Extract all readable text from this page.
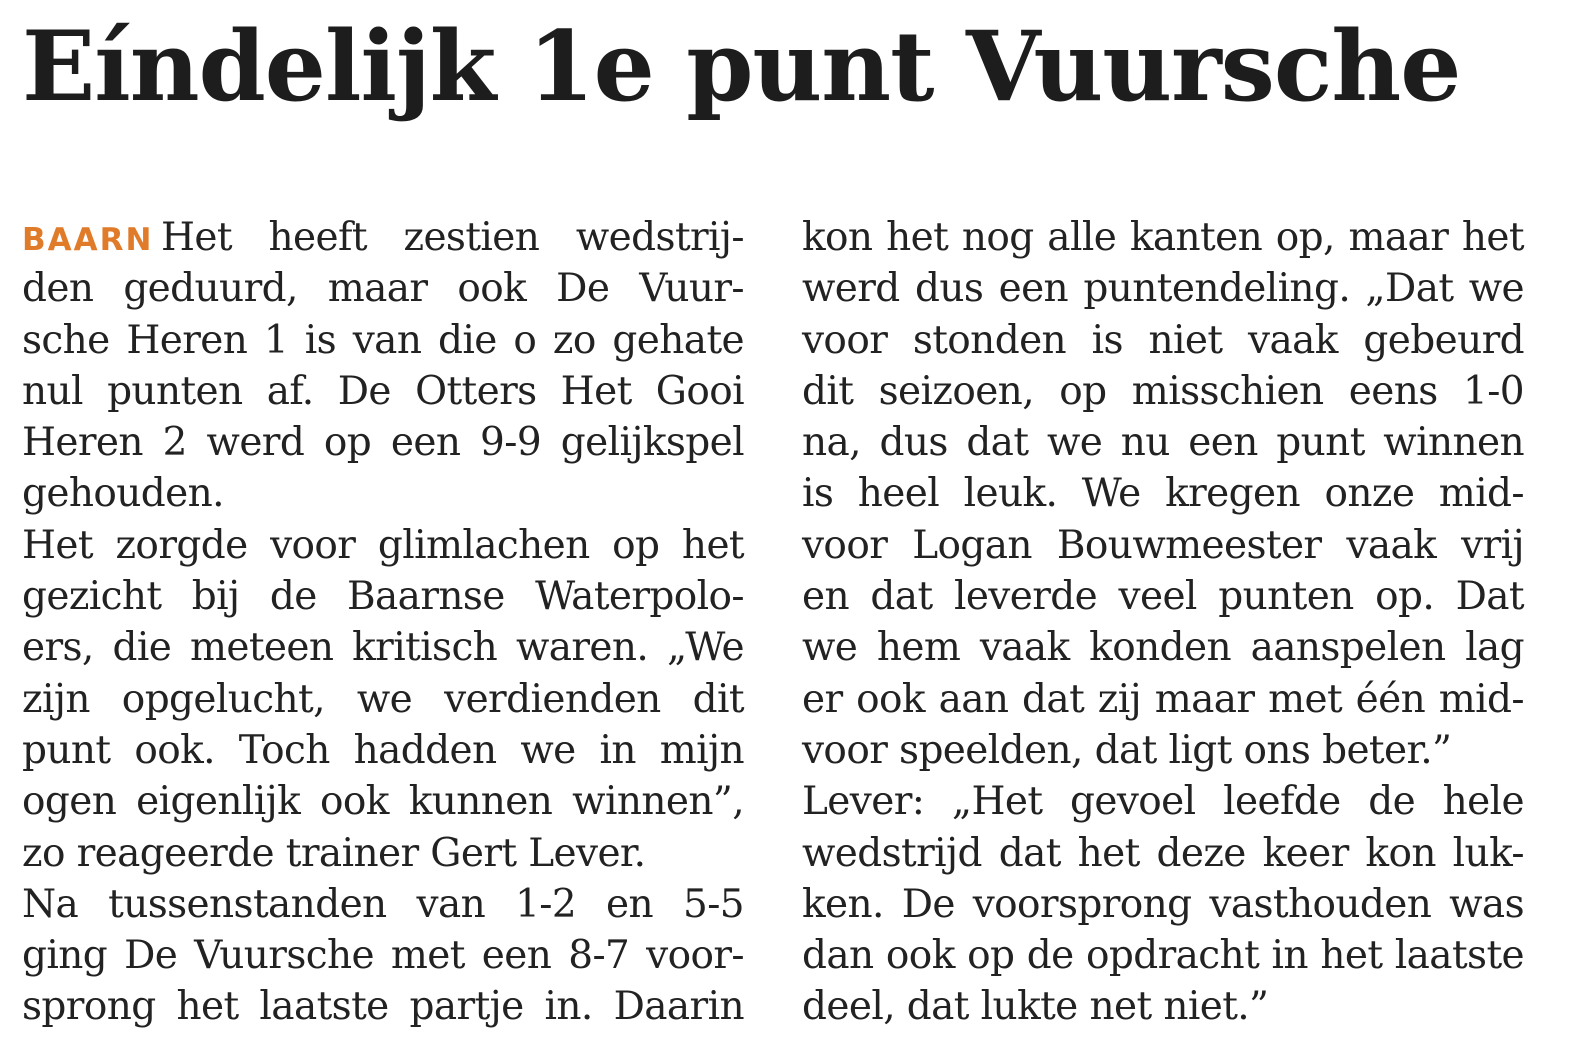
Eíndelijk 1e punt Vuursche
BAARN Het heeft zestien wedstrij-
den geduurd, maar ook De Vuur-
sche Heren 1 is van die o zo gehate
nul punten af. De Otters Het Gooi
Heren 2 werd op een 9-9 gelijkspel
gehouden.
Het zorgde voor glimlachen op het
gezicht bij de Baarnse Waterpolo-
ers, die meteen kritisch waren. „We
zijn opgelucht, we verdienden dit
punt ook. Toch hadden we in mijn
ogen eigenlijk ook kunnen winnen”,
zo reageerde trainer Gert Lever.
Na tussenstanden van 1-2 en 5-5
ging De Vuursche met een 8-7 voor-
sprong het laatste partje in. Daarin
kon het nog alle kanten op, maar het
werd dus een puntendeling. „Dat we
voor stonden is niet vaak gebeurd
dit seizoen, op misschien eens 1-0
na, dus dat we nu een punt winnen
is heel leuk. We kregen onze mid-
voor Logan Bouwmeester vaak vrij
en dat leverde veel punten op. Dat
we hem vaak konden aanspelen lag
er ook aan dat zij maar met één mid-
voor speelden, dat ligt ons beter.”
Lever: „Het gevoel leefde de hele
wedstrijd dat het deze keer kon luk-
ken. De voorsprong vasthouden was
dan ook op de opdracht in het laatste
deel, dat lukte net niet.”
